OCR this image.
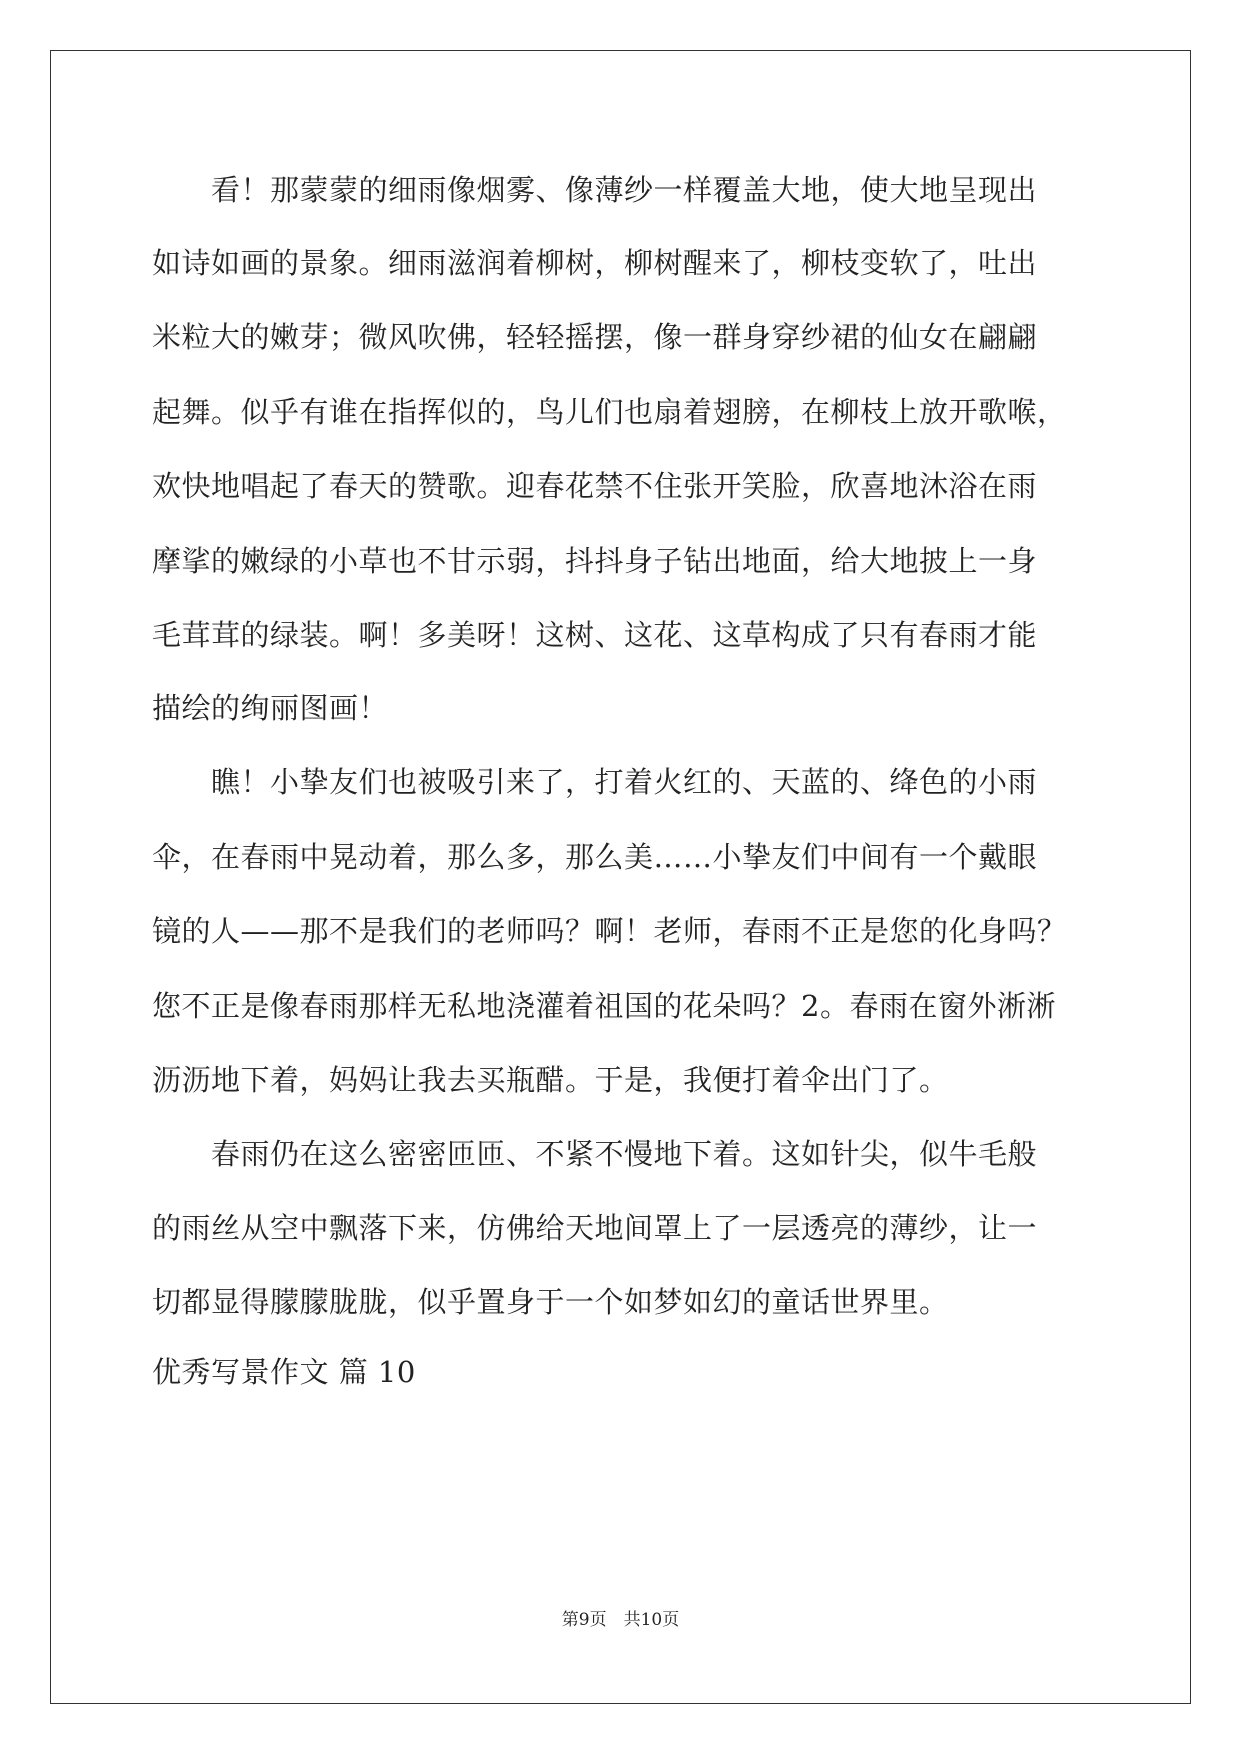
　　看！那蒙蒙的细雨像烟雾、像薄纱一样覆盖大地，使大地呈现出
如诗如画的景象。细雨滋润着柳树，柳树醒来了，柳枝变软了，吐出
米粒大的嫩芽；微风吹佛，轻轻摇摆，像一群身穿纱裙的仙女在翩翩
起舞。似乎有谁在指挥似的，鸟儿们也扇着翅膀，在柳枝上放开歌喉，
欢快地唱起了春天的赞歌。迎春花禁不住张开笑脸，欣喜地沐浴在雨
摩挲的嫩绿的小草也不甘示弱，抖抖身子钻出地面，给大地披上一身
毛茸茸的绿装。啊！多美呀！这树、这花、这草构成了只有春雨才能
描绘的绚丽图画！
　　瞧！小挚友们也被吸引来了，打着火红的、天蓝的、绛色的小雨
伞，在春雨中晃动着，那么多，那么美……小挚友们中间有一个戴眼
镜的人——那不是我们的老师吗？啊！老师，春雨不正是您的化身吗？
您不正是像春雨那样无私地浇灌着祖国的花朵吗？2。春雨在窗外淅淅
沥沥地下着，妈妈让我去买瓶醋。于是，我便打着伞出门了。
　　春雨仍在这么密密匝匝、不紧不慢地下着。这如针尖，似牛毛般
的雨丝从空中飘落下来，仿佛给天地间罩上了一层透亮的薄纱，让一
切都显得朦朦胧胧，似乎置身于一个如梦如幻的童话世界里。
优秀写景作文 篇 10
第9页　共10页
